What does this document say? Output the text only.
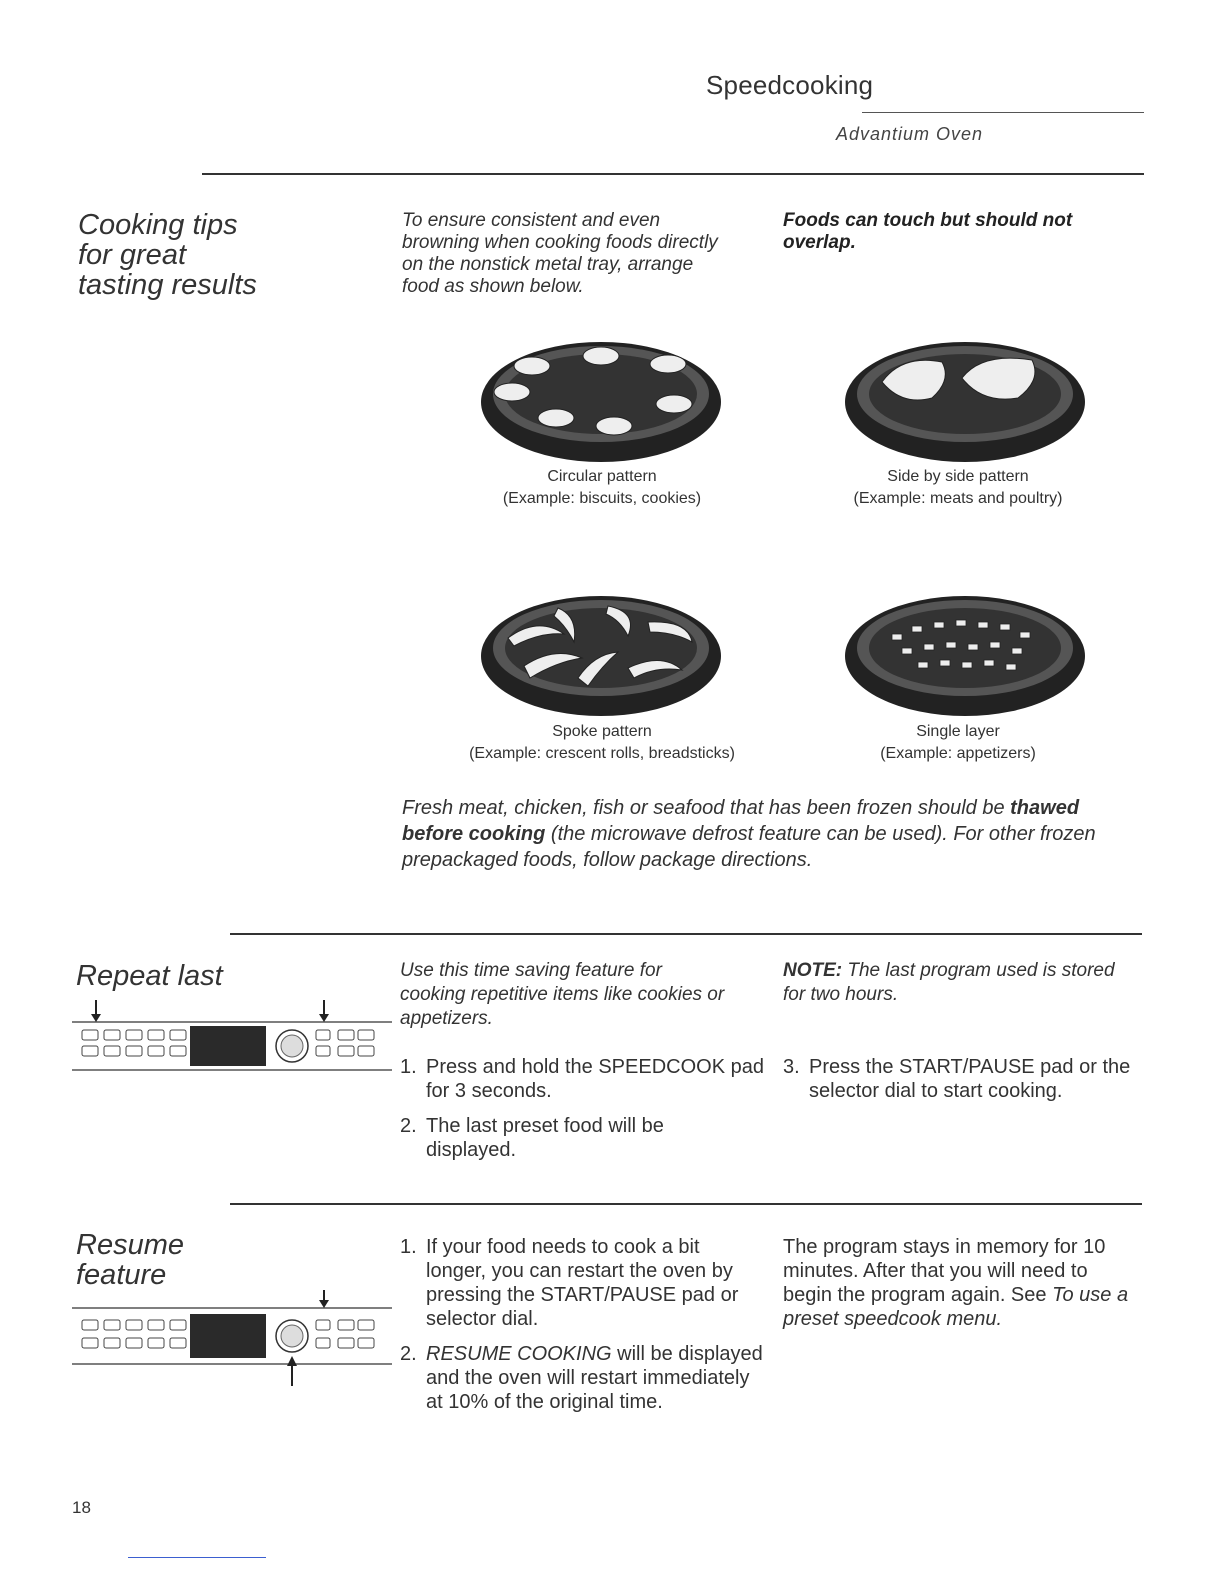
Speedcooking
Advantium Oven
Cooking tips
for great
tasting results
To ensure consistent and even
browning when cooking foods directly
on the nonstick metal tray, arrange
food as shown below.
Foods can touch but should not
overlap.
Circular pattern
(Example: biscuits, cookies)
Side by side pattern
(Example: meats and poultry)
Spoke pattern
(Example: crescent rolls, breadsticks)
Single layer
(Example: appetizers)
Fresh meat, chicken, fish or seafood that has been frozen should be thawed
before cooking (the microwave defrost feature can be used). For other frozen
prepackaged foods, follow package directions.
Repeat last	Use this time saving feature for
cooking repetitive items like cookies or
appetizers.
NOTE: The last program used is stored
for two hours.
1. Press and hold the SPEEDCOOK pad
for 3 seconds.
2. The last preset food will be
displayed.
3. Press the START/PAUSE pad or the
selector dial to start cooking.
Resume
feature
1. If your food needs to cook a bit
longer, you can restart the oven by
pressing the START/PAUSE pad or
selector dial.
2. RESUME COOKING will be displayed
and the oven will restart immediately
at 10% of the original time.
The program stays in memory for 10
minutes. After that you will need to
begin the program again. See To use a
preset speedcook menu.
18
